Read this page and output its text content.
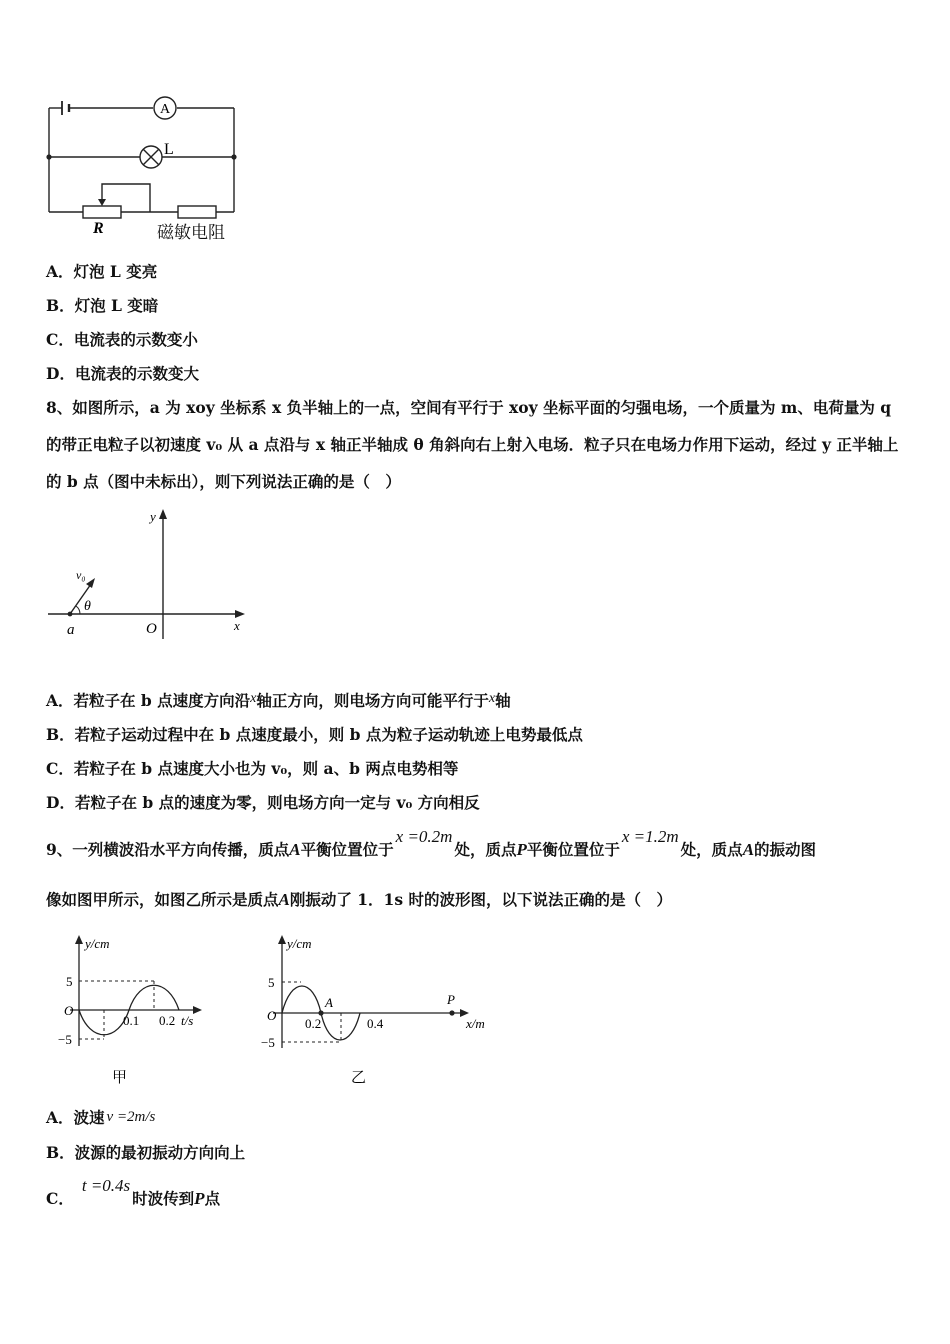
A
L
R	磁敏电阻
A．灯泡 L 变亮
B．灯泡 L 变暗
C．电流表的示数变小
D．电流表的示数变大
8、如图所示，a 为 xoy 坐标系 x 负半轴上的一点，空间有平行于 xoy 坐标平面的匀强电场，一个质量为 m、电荷量为 q 的带正电粒子以初速度 v₀ 从 a 点沿与 x 轴正半轴成 θ 角斜向右上射入电场．粒子只在电场力作用下运动，经过 y 正半轴上的 b 点（图中未标出），则下列说法正确的是（　）
y
x
O
a
v₀
θ
A．若粒子在 b 点速度方向沿x轴正方向，则电场方向可能平行于x轴
B．若粒子运动过程中在 b 点速度最小，则 b 点为粒子运动轨迹上电势最低点
C．若粒子在 b 点速度大小也为 v₀，则 a、b 两点电势相等
D．若粒子在 b 点的速度为零，则电场方向一定与 v₀ 方向相反
9、一列横波沿水平方向传播，质点A平衡位置位于x =0.2m处，质点P平衡位置位于x =1.2m处，质点A的振动图
像如图甲所示，如图乙所示是质点A刚振动了 1．1s 时的波形图，以下说法正确的是（　）
y/cm
5
O
−5
0.1 0.2 t/s
甲
y/cm
5
O
−5
A	P
0.2	0.4	x/m
乙
A．波速 v =2m/s
B．波源的最初振动方向向上
C．t =0.4s时波传到P点
